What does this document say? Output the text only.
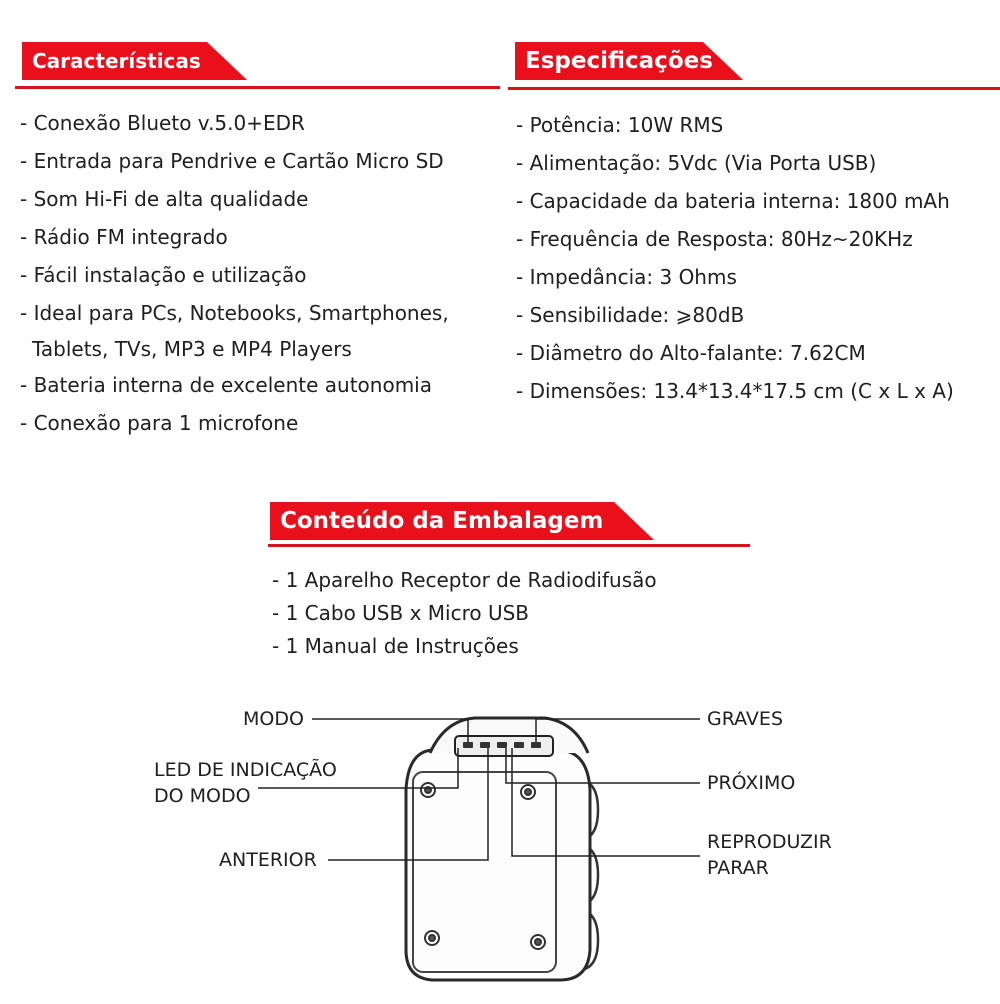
Características
- Conexão Blueto v.5.0+EDR
- Entrada para Pendrive e Cartão Micro SD
- Som Hi-Fi de alta qualidade
- Rádio FM integrado
- Fácil instalação e utilização
- Ideal para PCs, Notebooks, Smartphones,
Tablets, TVs, MP3 e MP4 Players
- Bateria interna de excelente autonomia
- Conexão para 1 microfone
Especificações
- Potência: 10W RMS
- Alimentação: 5Vdc (Via Porta USB)
- Capacidade da bateria interna: 1800 mAh
- Frequência de Resposta: 80Hz~20KHz
- Impedância: 3 Ohms
- Sensibilidade: ⩾80dB
- Diâmetro do Alto-falante: 7.62CM
- Dimensões: 13.4*13.4*17.5 cm (C x L x A)
Conteúdo da Embalagem
- 1 Aparelho Receptor de Radiodifusão
- 1 Cabo USB x Micro USB
- 1 Manual de Instruções
MODO
LED DE INDICAÇÃO
DO MODO
ANTERIOR
GRAVES
PRÓXIMO
REPRODUZIR
PARAR
